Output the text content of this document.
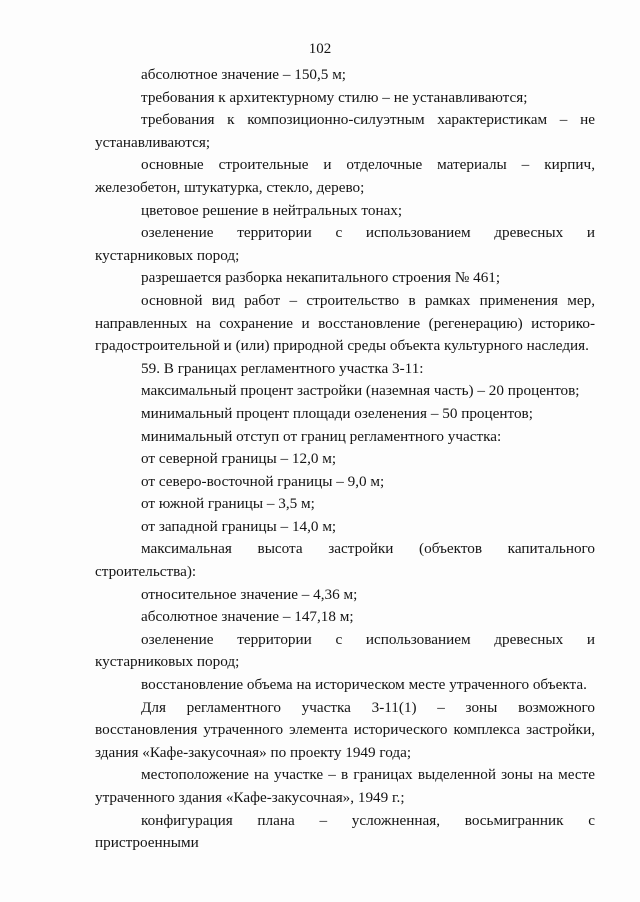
102

абсолютное значение – 150,5 м;

требования к архитектурному стилю – не устанавливаются;

требования к композиционно-силуэтным характеристикам – не устанавливаются;

основные строительные и отделочные материалы – кирпич, железобетон, штукатурка, стекло, дерево;

цветовое решение в нейтральных тонах;

озеленение территории с использованием древесных и кустарниковых пород;

разрешается разборка некапитального строения № 461;

основной вид работ – строительство в рамках применения мер, направленных на сохранение и восстановление (регенерацию) историко-градостроительной и (или) природной среды объекта культурного наследия.

59. В границах регламентного участка 3-11:

максимальный процент застройки (наземная часть) – 20 процентов;

минимальный процент площади озеленения – 50 процентов;

минимальный отступ от границ регламентного участка:

от северной границы – 12,0 м;

от северо-восточной границы – 9,0 м;

от южной границы – 3,5 м;

от западной границы – 14,0 м;

максимальная высота застройки (объектов капитального строительства):

относительное значение – 4,36 м;

абсолютное значение – 147,18 м;

озеленение территории с использованием древесных и кустарниковых пород;

восстановление объема на историческом месте утраченного объекта.

Для регламентного участка 3-11(1) – зоны возможного восстановления утраченного элемента исторического комплекса застройки, здания «Кафе-закусочная» по проекту 1949 года;

местоположение на участке – в границах выделенной зоны на месте утраченного здания «Кафе-закусочная», 1949 г.;

конфигурация плана – усложненная, восьмигранник с пристроенными
